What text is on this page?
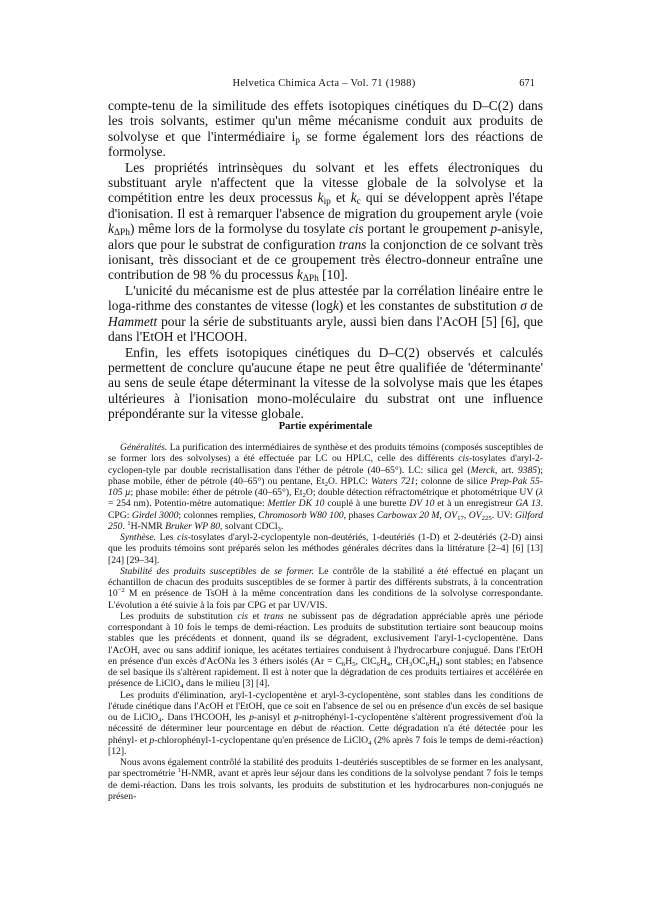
Helvetica Chimica Acta – Vol. 71 (1988)	671

compte-tenu de la similitude des effets isotopiques cinétiques du D–C(2) dans les trois solvants, estimer qu'un même mécanisme conduit aux produits de solvolyse et que l'intermédiaire $i_p$ se forme également lors des réactions de formolyse.

Les propriétés intrinsèques du solvant et les effets électroniques du substituant aryle n'affectent que la vitesse globale de la solvolyse et la compétition entre les deux processus $k_{ip}$ et $k_c$ qui se développent après l'étape d'ionisation. Il est à remarquer l'absence de migration du groupement aryle (voie $k_{\Delta Ph}$) même lors de la formolyse du tosylate cis portant le groupement p-anisyle, alors que pour le substrat de configuration trans la conjonction de ce solvant très ionisant, très dissociant et de ce groupement très électro-donneur entraîne une contribution de 98 % du processus $k_{\Delta Ph}$ [10].

L'unicité du mécanisme est de plus attestée par la corrélation linéaire entre le loga-rithme des constantes de vitesse (logk) et les constantes de substitution σ de Hammett pour la série de substituants aryle, aussi bien dans l'AcOH [5] [6], que dans l'EtOH et l'HCOOH.

Enfin, les effets isotopiques cinétiques du D–C(2) observés et calculés permettent de conclure qu'aucune étape ne peut être qualifiée de 'déterminante' au sens de seule étape déterminant la vitesse de la solvolyse mais que les étapes ultérieures à l'ionisation mono-moléculaire du substrat ont une influence prépondérante sur la vitesse globale.

Partie expérimentale

Généralités. La purification des intermédiaires de synthèse et des produits témoins (composés susceptibles de se former lors des solvolyses) a été effectuée par LC ou HPLC, celle des différents cis-tosylates d'aryl-2-cyclopen-tyle par double recristallisation dans l'éther de pétrole (40–65°). LC: silica gel (Merck, art. 9385); phase mobile, éther de pétrole (40–65°) ou pentane, $Et_2O$. HPLC: Waters 721; colonne de silice Prep-Pak 55-105 µ; phase mobile: éther de pétrole (40–65°), $Et_2O$; double détection réfractométrique et photométrique UV (λ = 254 nm). Potentio-mètre automatique: Mettler DK 10 couplé à une burette DV 10 et à un enregistreur GA 13. CPG: Girdel 3000; colonnes remplies, Chromosorb W80 100, phases Carbowax 20 M, $OV_{17}$, $OV_{225}$. UV: Gilford 250. $^1$H-NMR Bruker WP 80, solvant CDCl$_3$.

Synthèse. Les cis-tosylates d'aryl-2-cyclopentyle non-deutériés, 1-deutériés (1-D) et 2-deutériés (2-D) ainsi que les produits témoins sont préparés selon les méthodes générales décrites dans la littérature [2–4] [6] [13] [24] [29–34].

Stabilité des produits susceptibles de se former. Le contrôle de la stabilité a été effectué en plaçant un échantillon de chacun des produits susceptibles de se former à partir des différents substrats, à la concentration $10^{-2}$ M en présence de TsOH à la même concentration dans les conditions de la solvolyse correspondante. L'évolution a été suivie à la fois par CPG et par UV/VIS.

Les produits de substitution cis et trans ne subissent pas de dégradation appréciable après une période correspondant à 10 fois le temps de demi-réaction. Les produits de substitution tertiaire sont beaucoup moins stables que les précédents et donnent, quand ils se dégradent, exclusivement l'aryl-1-cyclopentène. Dans l'AcOH, avec ou sans additif ionique, les acétates tertiaires conduisent à l'hydrocarbure conjugué. Dans l'EtOH en présence d'un excès d'AcONa les 3 éthers isolés ($Ar = C_6H_5$, $ClC_6H_4$, $CH_3OC_6H_4$) sont stables; en l'absence de sel basique ils s'altèrent rapidement. Il est à noter que la dégradation de ces produits tertiaires et accélérée en présence de LiClO$_4$ dans le milieu [3] [4].

Les produits d'élimination, aryl-1-cyclopentène et aryl-3-cyclopentène, sont stables dans les conditions de l'étude cinétique dans l'AcOH et l'EtOH, que ce soit en l'absence de sel ou en présence d'un excès de sel basique ou de LiClO$_4$. Dans l'HCOOH, les p-anisyl et p-nitrophényl-1-cyclopentène s'altèrent progressivement d'où la nécessité de déterminer leur pourcentage en début de réaction. Cette dégradation n'a été détectée pour les phényl- et p-chlorophényl-1-cyclopentane qu'en présence de LiClO$_4$ (2% après 7 fois le temps de demi-réaction) [12].

Nous avons également contrôlé la stabilité des produits 1-deutériés susceptibles de se former en les analysant, par spectrométrie $^1$H-NMR, avant et après leur séjour dans les conditions de la solvolyse pendant 7 fois le temps de demi-réaction. Dans les trois solvants, les produits de substitution et les hydrocarbures non-conjugués ne présen-
